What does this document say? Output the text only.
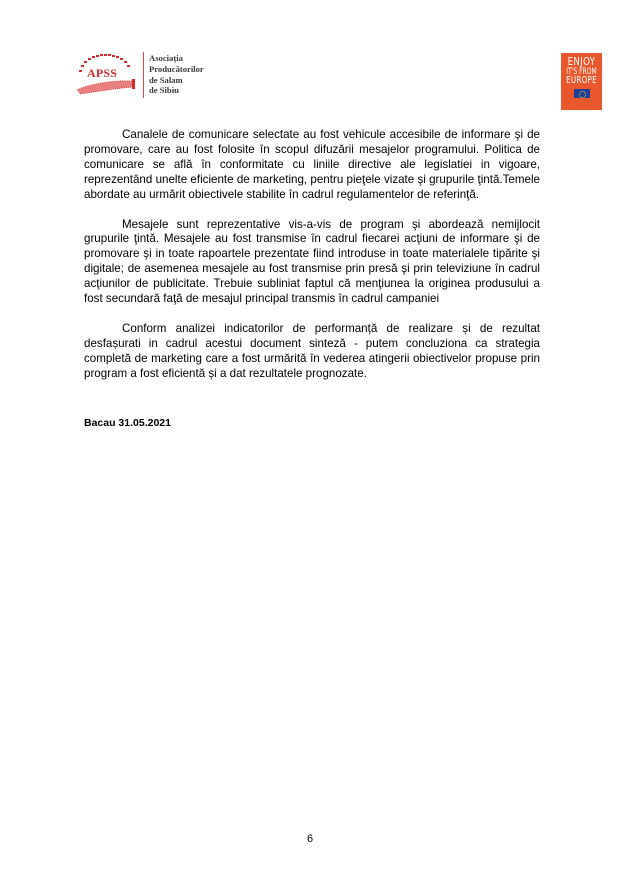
APSS
Asociația
Producătorilor
de Salam
de Sibiu
ENJOY
IT'S FROM
EUROPE

Canalele de comunicare selectate au fost vehicule accesibile de informare şi de promovare, care au fost folosite în scopul difuzării mesajelor programului. Politica de comunicare se află în conformitate cu liniile directive ale legislatiei in vigoare, reprezentând unelte eficiente de marketing, pentru pieţele vizate şi grupurile ţintă.Temele abordate au urmărit obiectivele stabilite în cadrul regulamentelor de referinţă.

Mesajele sunt reprezentative vis-a-vis de program şi abordează nemijlocit grupurile ţintă. Mesajele au fost transmise în cadrul fiecarei acţiuni de informare şi de promovare şi in toate rapoartele prezentate fiind introduse in toate materialele tipărite şi digitale; de asemenea mesajele au fost transmise prin presă şi prin televiziune în cadrul acţiunilor de publicitate. Trebuie subliniat faptul că menţiunea la originea produsului a fost secundară faţă de mesajul principal transmis în cadrul campaniei

Conform analizei indicatorilor de performanță de realizare și de rezultat desfașurati in cadrul acestui document sinteză - putem concluziona ca strategia completă de marketing care a fost urmărită în vederea atingerii obiectivelor propuse prin program a fost eficientă și a dat rezultatele prognozate.

Bacau 31.05.2021
6
